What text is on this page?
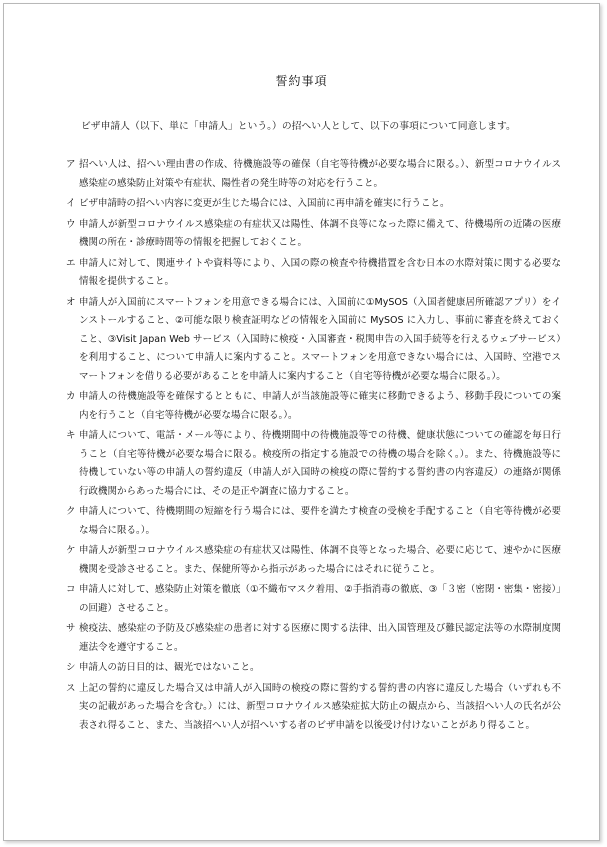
誓約事項
ビザ申請人（以下、単に「申請人」という。）の招へい人として、以下の事項について同意します。
ア 招へい人は、招へい理由書の作成、待機施設等の確保（自宅等待機が必要な場合に限る。）、新型コロナウイルス感染症の感染防止対策や有症状、陽性者の発生時等の対応を行うこと。
イ ビザ申請時の招へい内容に変更が生じた場合には、入国前に再申請を確実に行うこと。
ウ 申請人が新型コロナウイルス感染症の有症状又は陽性、体調不良等になった際に備えて、待機場所の近隣の医療機関の所在・診療時間等の情報を把握しておくこと。
エ 申請人に対して、関連サイトや資料等により、入国の際の検査や待機措置を含む日本の水際対策に関する必要な情報を提供すること。
オ 申請人が入国前にスマートフォンを用意できる場合には、入国前に①MySOS（入国者健康居所確認アプリ）をインストールすること、②可能な限り検査証明などの情報を入国前に MySOS に入力し、事前に審査を終えておくこと、③Visit Japan Web サービス（入国時に検疫・入国審査・税関申告の入国手続等を行えるウェブサービス）を利用すること、について申請人に案内すること。スマートフォンを用意できない場合には、入国時、空港でスマートフォンを借りる必要があることを申請人に案内すること（自宅等待機が必要な場合に限る。）。
カ 申請人の待機施設等を確保するとともに、申請人が当該施設等に確実に移動できるよう、移動手段についての案内を行うこと（自宅等待機が必要な場合に限る。）。
キ 申請人について、電話・メール等により、待機期間中の待機施設等での待機、健康状態についての確認を毎日行うこと（自宅等待機が必要な場合に限る。検疫所の指定する施設での待機の場合を除く。）。また、待機施設等に待機していない等の申請人の誓約違反（申請人が入国時の検疫の際に誓約する誓約書の内容違反）の連絡が関係行政機関からあった場合には、その是正や調査に協力すること。
ク 申請人について、待機期間の短縮を行う場合には、要件を満たす検査の受検を手配すること（自宅等待機が必要な場合に限る。）。
ケ 申請人が新型コロナウイルス感染症の有症状又は陽性、体調不良等となった場合、必要に応じて、速やかに医療機関を受診させること。また、保健所等から指示があった場合にはそれに従うこと。
コ 申請人に対して、感染防止対策を徹底（①不織布マスク着用、②手指消毒の徹底、③「３密（密閉・密集・密接）」の回避）させること。
サ 検疫法、感染症の予防及び感染症の患者に対する医療に関する法律、出入国管理及び難民認定法等の水際制度関連法令を遵守すること。
シ 申請人の訪日目的は、観光ではないこと。
ス 上記の誓約に違反した場合又は申請人が入国時の検疫の際に誓約する誓約書の内容に違反した場合（いずれも不実の記載があった場合を含む。）には、新型コロナウイルス感染症拡大防止の観点から、当該招へい人の氏名が公表され得ること、また、当該招へい人が招へいする者のビザ申請を以後受け付けないことがあり得ること。
